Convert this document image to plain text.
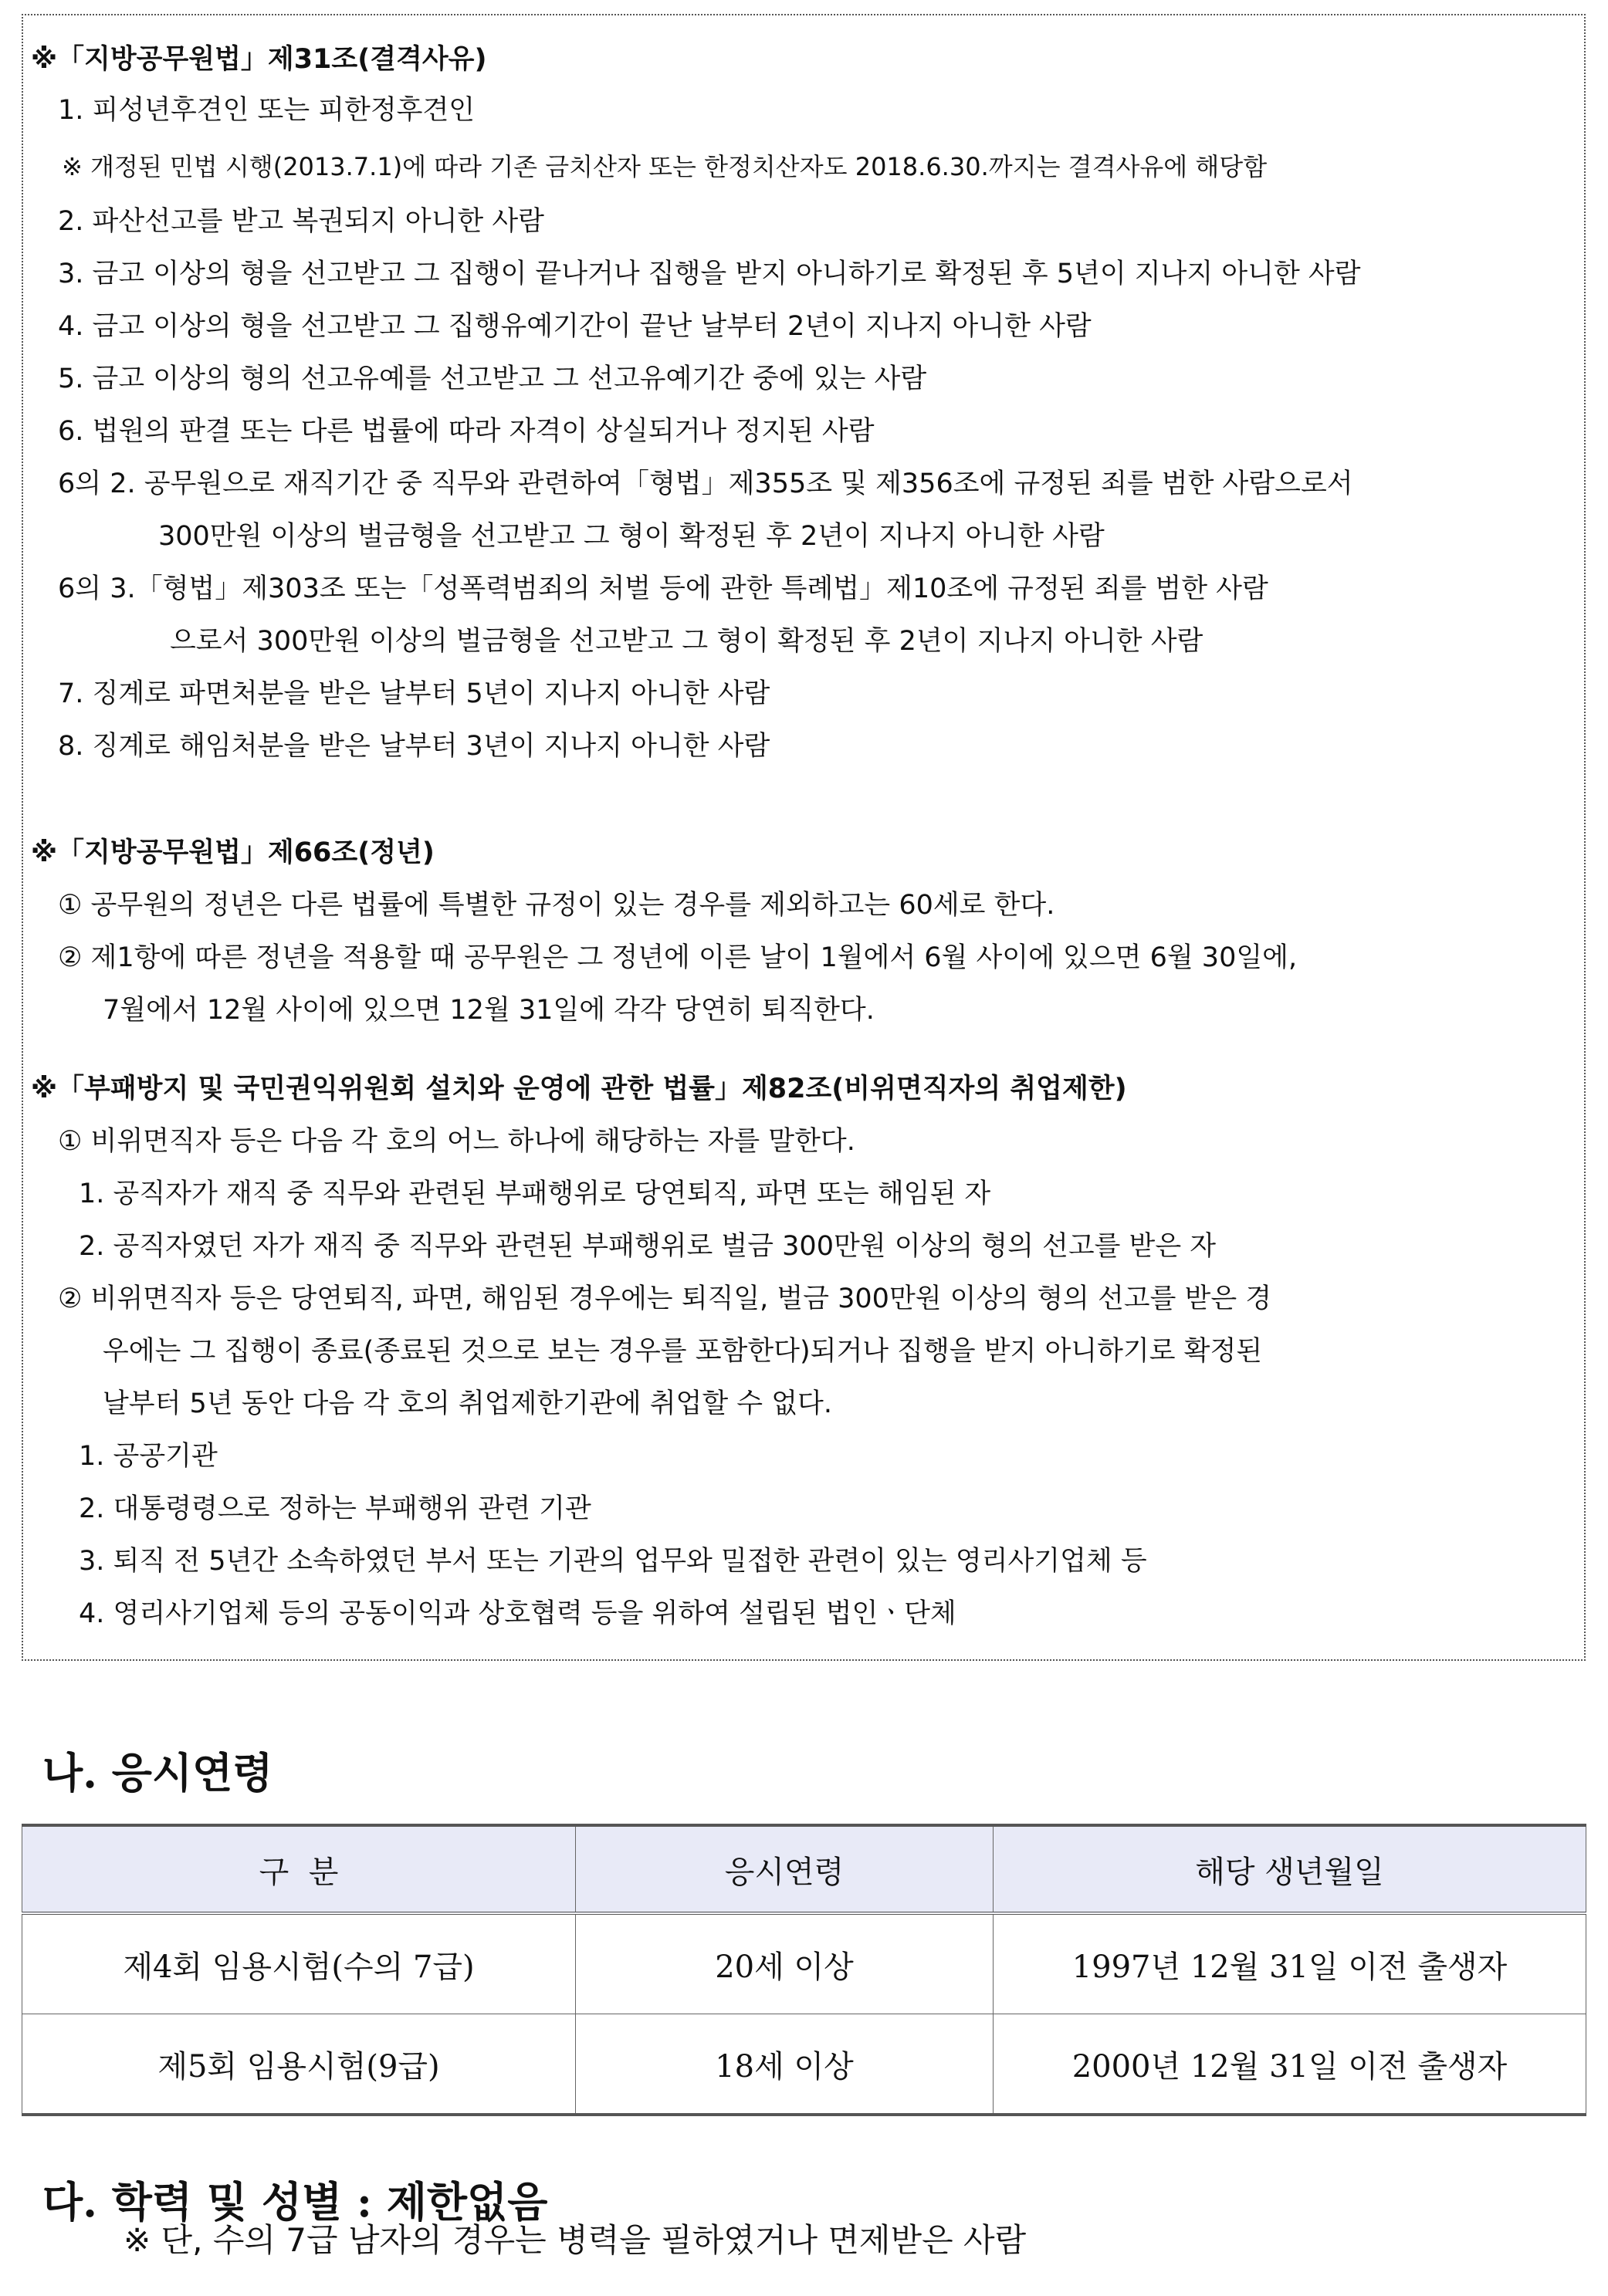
※「지방공무원법」제31조(결격사유)
1. 피성년후견인 또는 피한정후견인
※ 개정된 민법 시행(2013.7.1)에 따라 기존 금치산자 또는 한정치산자도 2018.6.30.까지는 결격사유에 해당함
2. 파산선고를 받고 복권되지 아니한 사람
3. 금고 이상의 형을 선고받고 그 집행이 끝나거나 집행을 받지 아니하기로 확정된 후 5년이 지나지 아니한 사람
4. 금고 이상의 형을 선고받고 그 집행유예기간이 끝난 날부터 2년이 지나지 아니한 사람
5. 금고 이상의 형의 선고유예를 선고받고 그 선고유예기간 중에 있는 사람
6. 법원의 판결 또는 다른 법률에 따라 자격이 상실되거나 정지된 사람
6의 2. 공무원으로 재직기간 중 직무와 관련하여「형법」제355조 및 제356조에 규정된 죄를 범한 사람으로서
300만원 이상의 벌금형을 선고받고 그 형이 확정된 후 2년이 지나지 아니한 사람
6의 3.「형법」제303조 또는「성폭력범죄의 처벌 등에 관한 특례법」제10조에 규정된 죄를 범한 사람
으로서 300만원 이상의 벌금형을 선고받고 그 형이 확정된 후 2년이 지나지 아니한 사람
7. 징계로 파면처분을 받은 날부터 5년이 지나지 아니한 사람
8. 징계로 해임처분을 받은 날부터 3년이 지나지 아니한 사람
※「지방공무원법」제66조(정년)
① 공무원의 정년은 다른 법률에 특별한 규정이 있는 경우를 제외하고는 60세로 한다.
② 제1항에 따른 정년을 적용할 때 공무원은 그 정년에 이른 날이 1월에서 6월 사이에 있으면 6월 30일에,
7월에서 12월 사이에 있으면 12월 31일에 각각 당연히 퇴직한다.
※「부패방지 및 국민권익위원회 설치와 운영에 관한 법률」제82조(비위면직자의 취업제한)
① 비위면직자 등은 다음 각 호의 어느 하나에 해당하는 자를 말한다.
1. 공직자가 재직 중 직무와 관련된 부패행위로 당연퇴직, 파면 또는 해임된 자
2. 공직자였던 자가 재직 중 직무와 관련된 부패행위로 벌금 300만원 이상의 형의 선고를 받은 자
② 비위면직자 등은 당연퇴직, 파면, 해임된 경우에는 퇴직일, 벌금 300만원 이상의 형의 선고를 받은 경
우에는 그 집행이 종료(종료된 것으로 보는 경우를 포함한다)되거나 집행을 받지 아니하기로 확정된
날부터 5년 동안 다음 각 호의 취업제한기관에 취업할 수 없다.
1. 공공기관
2. 대통령령으로 정하는 부패행위 관련 기관
3. 퇴직 전 5년간 소속하였던 부서 또는 기관의 업무와 밀접한 관련이 있는 영리사기업체 등
4. 영리사기업체 등의 공동이익과 상호협력 등을 위하여 설립된 법인ㆍ단체
나. 응시연령
구  분	응시연령	해당 생년월일
제4회 임용시험(수의 7급)	20세 이상	1997년 12월 31일 이전 출생자
제5회 임용시험(9급)	18세 이상	2000년 12월 31일 이전 출생자
다. 학력 및 성별 : 제한없음
※ 단, 수의 7급 남자의 경우는 병력을 필하였거나 면제받은 사람
